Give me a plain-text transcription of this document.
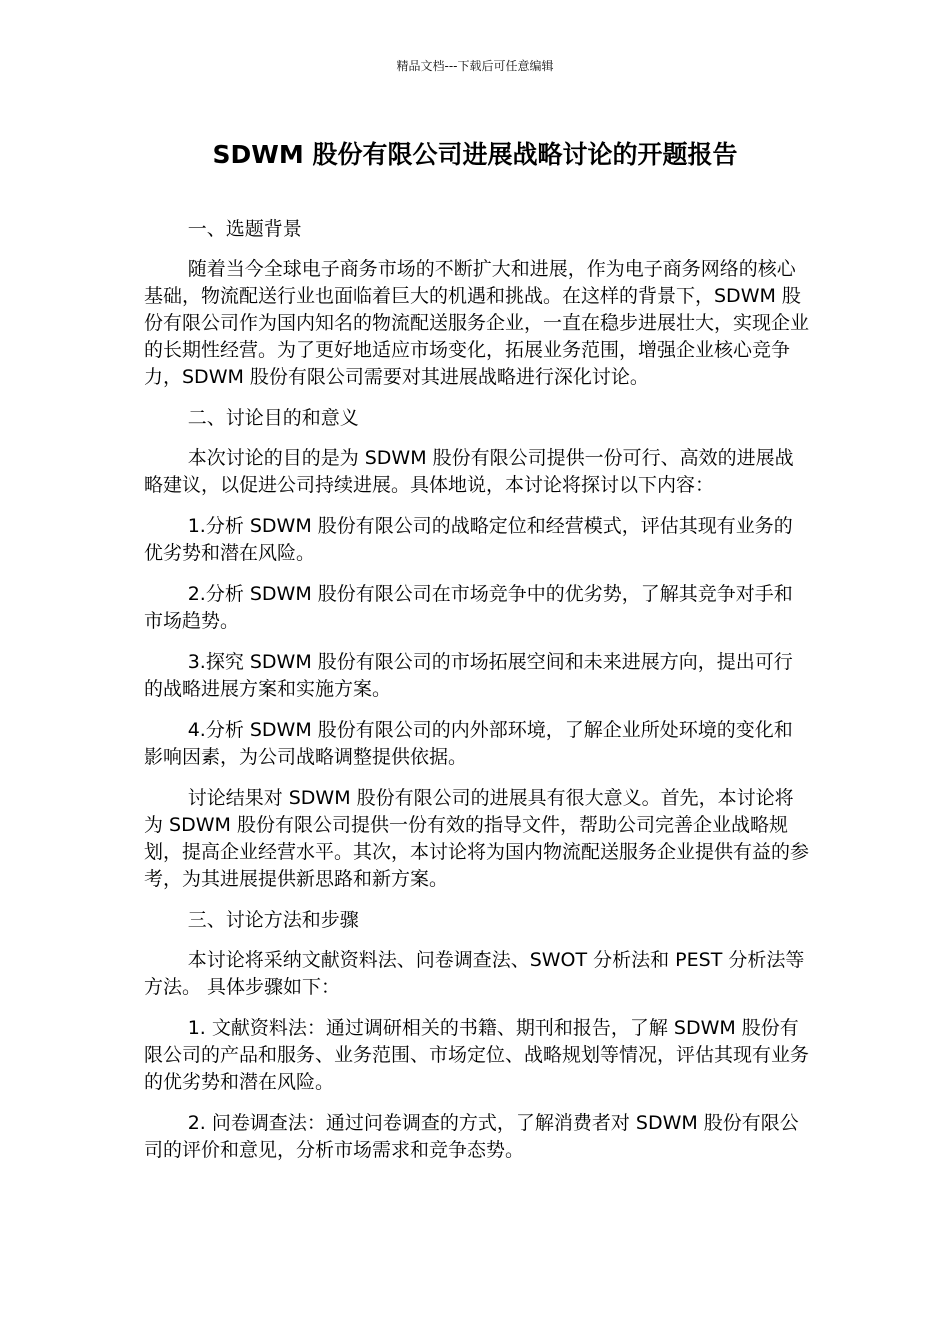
精品文档---下载后可任意编辑
SDWM 股份有限公司进展战略讨论的开题报告

一、选题背景

随着当今全球电子商务市场的不断扩大和进展，作为电子商务网络的核心基础，物流配送行业也面临着巨大的机遇和挑战。在这样的背景下，SDWM 股份有限公司作为国内知名的物流配送服务企业，一直在稳步进展壮大，实现企业的长期性经营。为了更好地适应市场变化，拓展业务范围，增强企业核心竞争力，SDWM 股份有限公司需要对其进展战略进行深化讨论。

二、讨论目的和意义

本次讨论的目的是为 SDWM 股份有限公司提供一份可行、高效的进展战略建议，以促进公司持续进展。具体地说，本讨论将探讨以下内容：

1.分析 SDWM 股份有限公司的战略定位和经营模式，评估其现有业务的优劣势和潜在风险。

2.分析 SDWM 股份有限公司在市场竞争中的优劣势，了解其竞争对手和市场趋势。

3.探究 SDWM 股份有限公司的市场拓展空间和未来进展方向，提出可行的战略进展方案和实施方案。

4.分析 SDWM 股份有限公司的内外部环境，了解企业所处环境的变化和影响因素，为公司战略调整提供依据。

讨论结果对 SDWM 股份有限公司的进展具有很大意义。首先，本讨论将为 SDWM 股份有限公司提供一份有效的指导文件，帮助公司完善企业战略规划，提高企业经营水平。其次，本讨论将为国内物流配送服务企业提供有益的参考，为其进展提供新思路和新方案。

三、讨论方法和步骤

本讨论将采纳文献资料法、问卷调查法、SWOT 分析法和 PEST 分析法等方法。 具体步骤如下：

1. 文献资料法：通过调研相关的书籍、期刊和报告，了解 SDWM 股份有限公司的产品和服务、业务范围、市场定位、战略规划等情况，评估其现有业务的优劣势和潜在风险。

2. 问卷调查法：通过问卷调查的方式，了解消费者对 SDWM 股份有限公司的评价和意见，分析市场需求和竞争态势。
